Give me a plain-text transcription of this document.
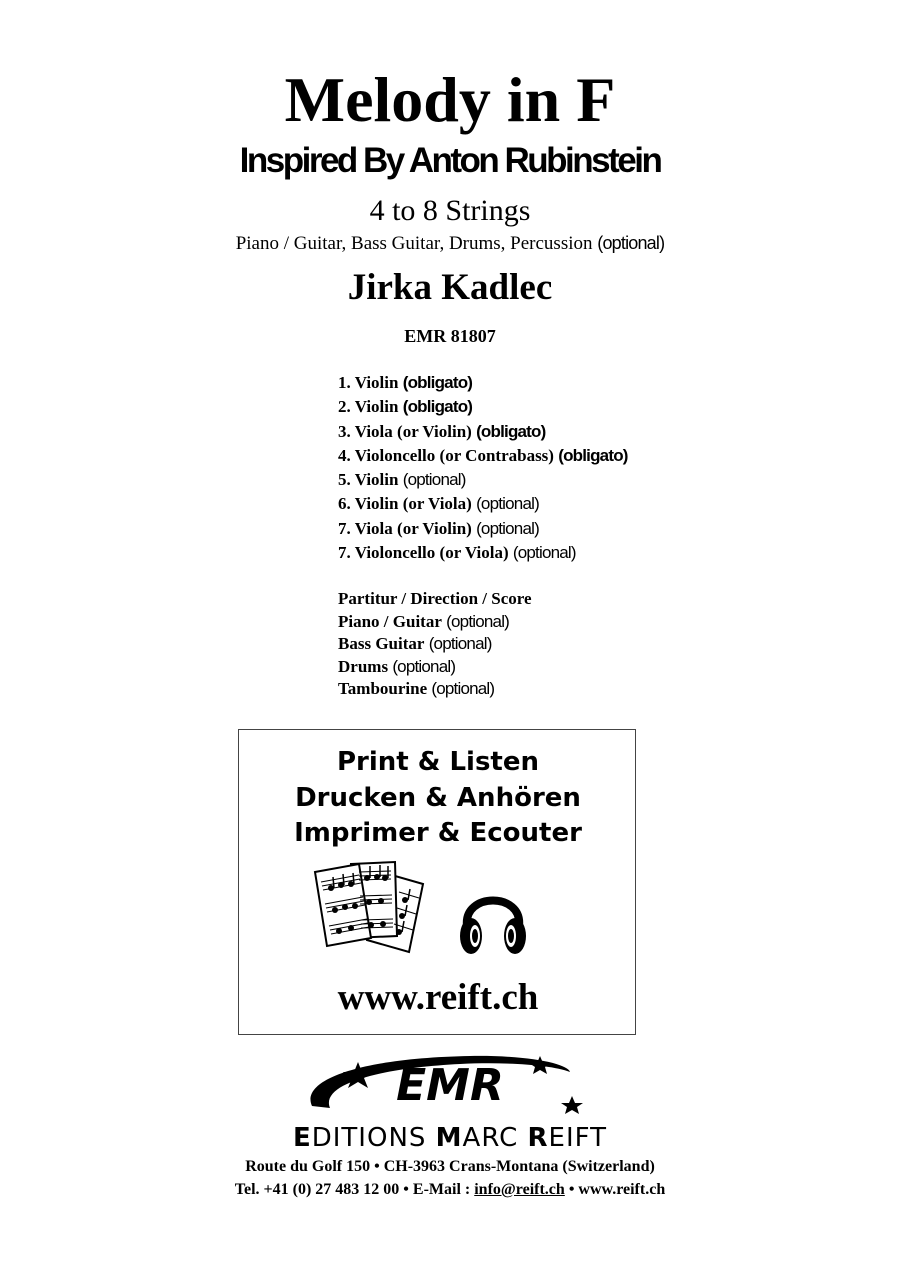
Melody in F
Inspired By Anton Rubinstein
4 to 8 Strings
Piano / Guitar, Bass Guitar, Drums, Percussion (optional)
Jirka Kadlec
EMR 81807
1. Violin (obligato)
2. Violin (obligato)
3. Viola (or Violin) (obligato)
4. Violoncello (or Contrabass) (obligato)
5. Violin (optional)
6. Violin (or Viola) (optional)
7. Viola (or Violin) (optional)
7. Violoncello (or Viola) (optional)
Partitur / Direction / Score
Piano / Guitar (optional)
Bass Guitar (optional)
Drums (optional)
Tambourine (optional)
Print & Listen
Drucken & Anhören
Imprimer & Ecouter
www.reift.ch
EMR
EDITIONS MARC REIFT
Route du Golf 150 • CH-3963 Crans-Montana (Switzerland)
Tel. +41 (0) 27 483 12 00 • E-Mail : info@reift.ch • www.reift.ch
